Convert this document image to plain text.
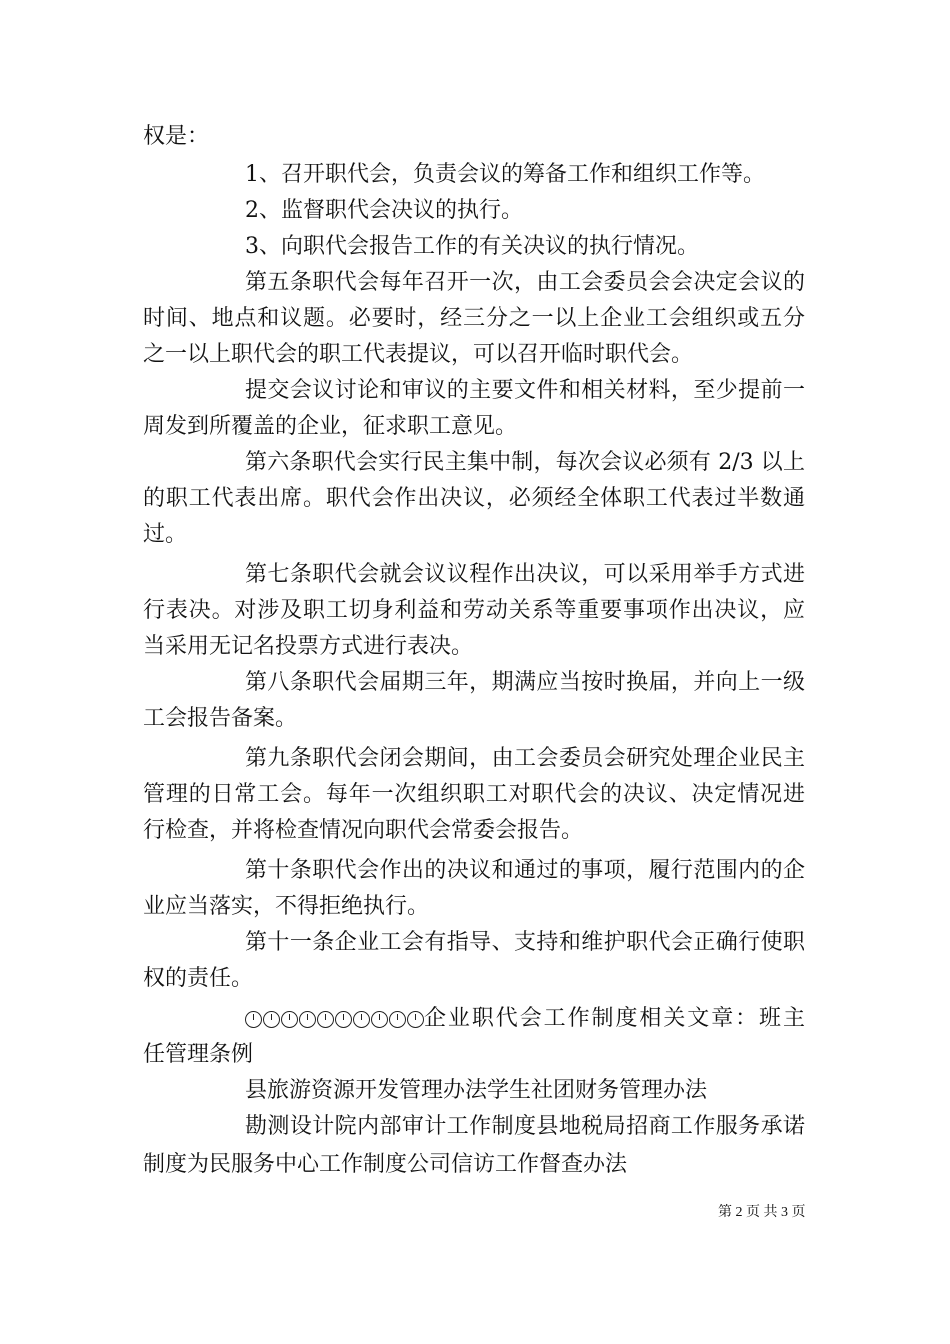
权是：
1、召开职代会，负责会议的筹备工作和组织工作等。
2、监督职代会决议的执行。
3、向职代会报告工作的有关决议的执行情况。
第五条职代会每年召开一次，由工会委员会会决定会议的
时间、地点和议题。必要时，经三分之一以上企业工会组织或五分
之一以上职代会的职工代表提议，可以召开临时职代会。
提交会议讨论和审议的主要文件和相关材料，至少提前一
周发到所覆盖的企业，征求职工意见。
第六条职代会实行民主集中制，每次会议必须有 2/3 以上
的职工代表出席。职代会作出决议，必须经全体职工代表过半数通
过。
第七条职代会就会议议程作出决议，可以采用举手方式进
行表决。对涉及职工切身利益和劳动关系等重要事项作出决议，应
当采用无记名投票方式进行表决。
第八条职代会届期三年，期满应当按时换届，并向上一级
工会报告备案。
第九条职代会闭会期间，由工会委员会研究处理企业民主
管理的日常工会。每年一次组织职工对职代会的决议、决定情况进
行检查，并将检查情况向职代会常委会报告。
第十条职代会作出的决议和通过的事项，履行范围内的企
业应当落实，不得拒绝执行。
第十一条企业工会有指导、支持和维护职代会正确行使职
权的责任。
企业职代会工作制度相关文章：班主
任管理条例
县旅游资源开发管理办法学生社团财务管理办法
勘测设计院内部审计工作制度县地税局招商工作服务承诺
制度为民服务中心工作制度公司信访工作督查办法
第 2 页 共 3 页
